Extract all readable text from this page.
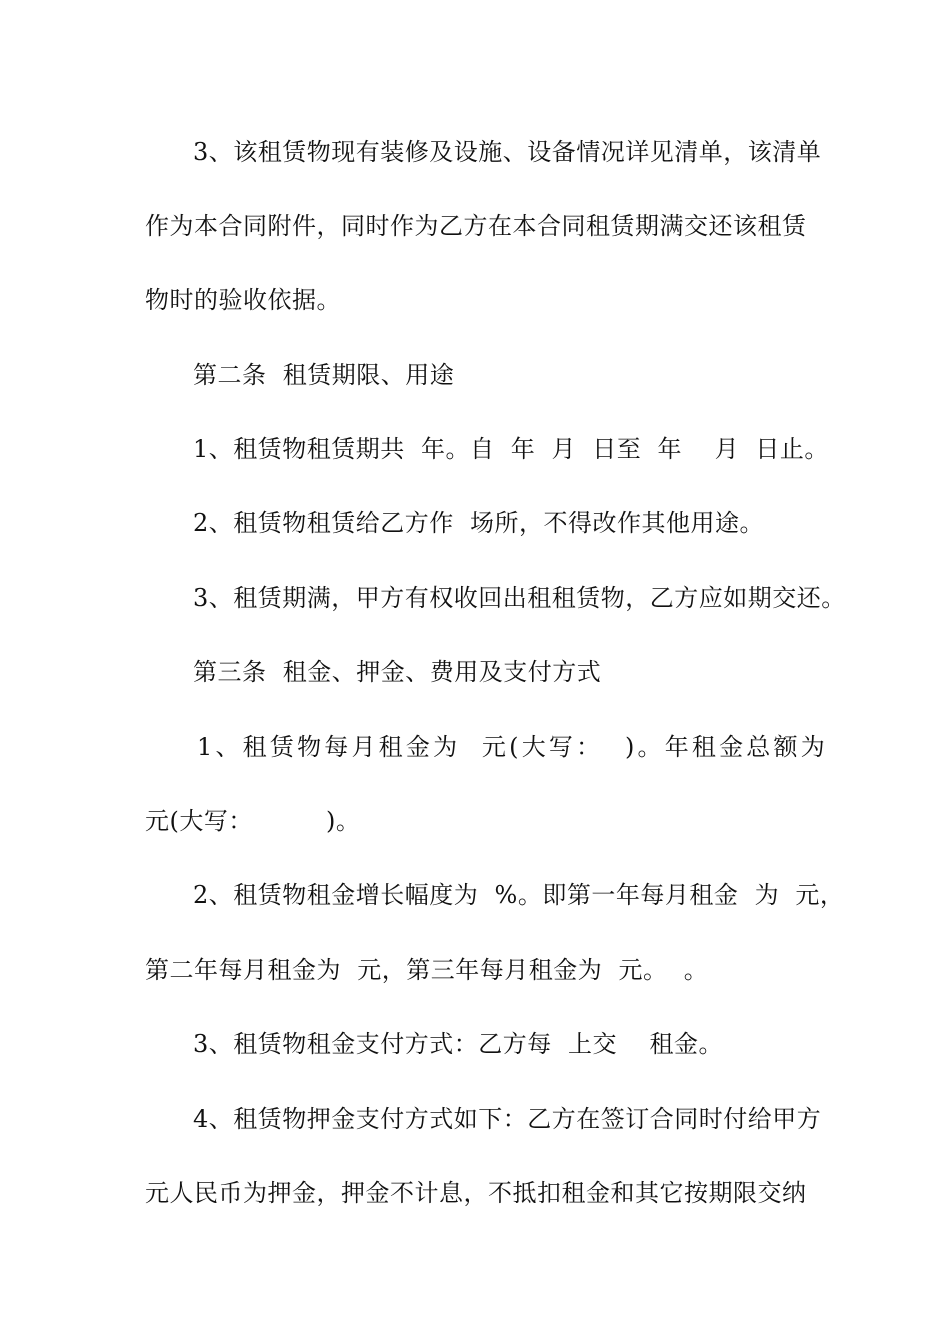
3、该租赁物现有装修及设施、设备情况详见清单，该清单
作为本合同附件，同时作为乙方在本合同租赁期满交还该租赁
物时的验收依据。
第二条  租赁期限、用途
1、租赁物租赁期共  年。自  年  月  日至  年    月  日止。
2、租赁物租赁给乙方作  场所，不得改作其他用途。
3、租赁期满，甲方有权收回出租租赁物，乙方应如期交还。
第三条  租金、押金、费用及支付方式
1、租赁物每月租金为  元(大写：  )。年租金总额为
元(大写：         )。
2、租赁物租金增长幅度为  %。即第一年每月租金  为  元，
第二年每月租金为  元，第三年每月租金为  元。  。
3、租赁物租金支付方式：乙方每  上交    租金。
4、租赁物押金支付方式如下：乙方在签订合同时付给甲方
元人民币为押金，押金不计息，不抵扣租金和其它按期限交纳
